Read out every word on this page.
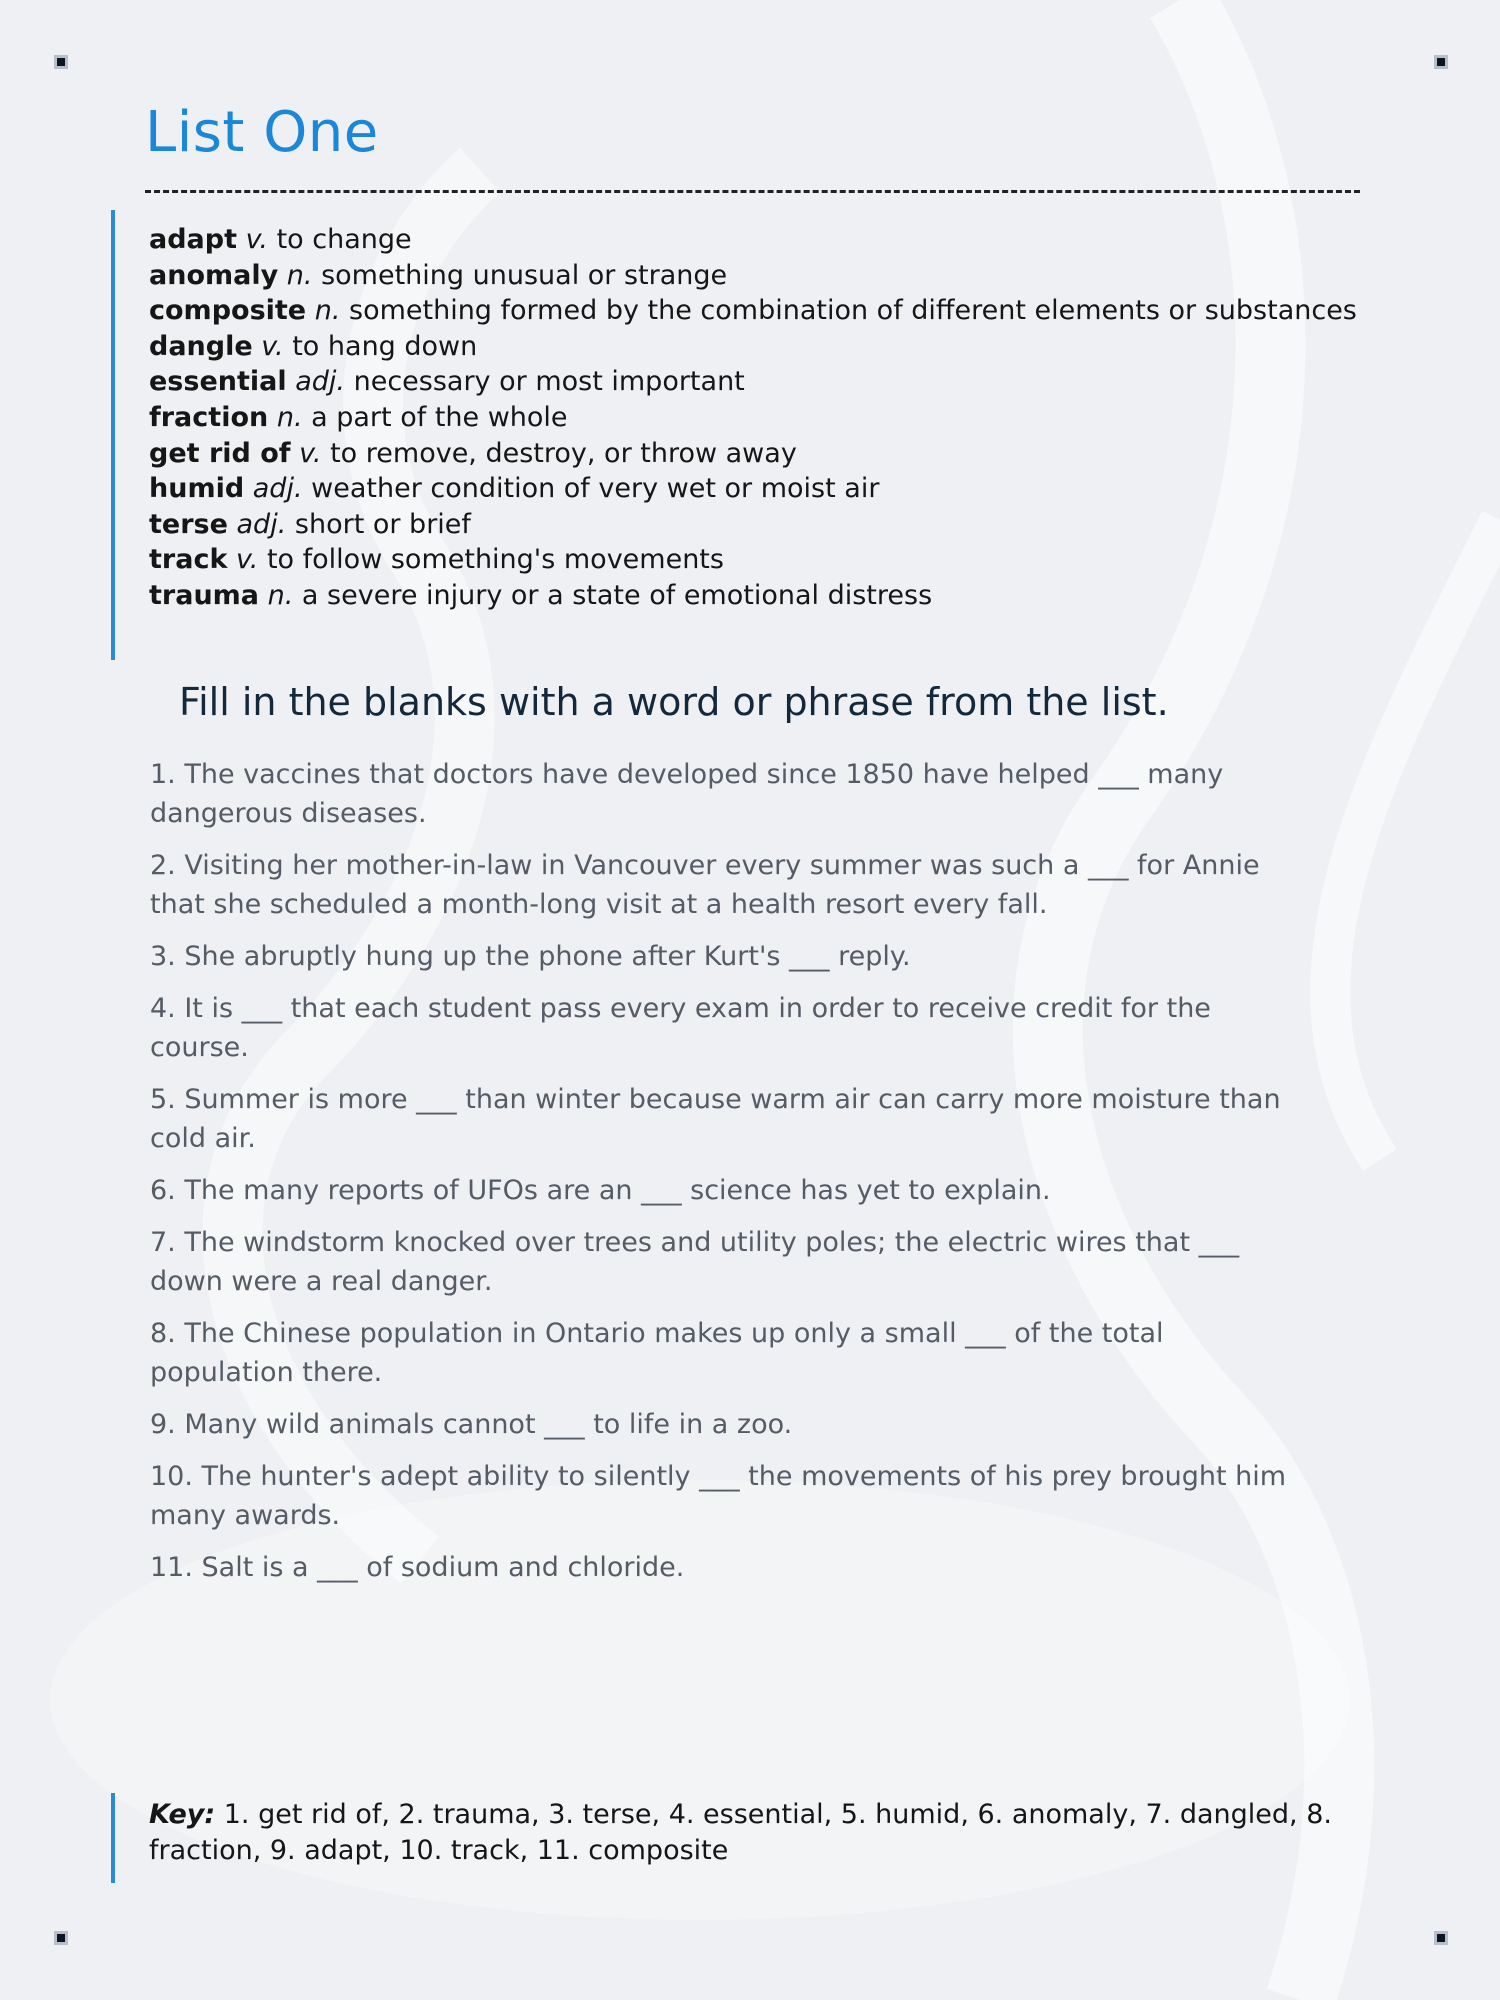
List One
adapt v. to change
anomaly n. something unusual or strange
composite n. something formed by the combination of different elements or substances
dangle v. to hang down
essential adj. necessary or most important
fraction n. a part of the whole
get rid of v. to remove, destroy, or throw away
humid adj. weather condition of very wet or moist air
terse adj. short or brief
track v. to follow something's movements
trauma n. a severe injury or a state of emotional distress
Fill in the blanks with a word or phrase from the list.
1. The vaccines that doctors have developed since 1850 have helped ___ many dangerous diseases.
2. Visiting her mother-in-law in Vancouver every summer was such a ___ for Annie that she scheduled a month-long visit at a health resort every fall.
3. She abruptly hung up the phone after Kurt's ___ reply.
4. It is ___ that each student pass every exam in order to receive credit for the course.
5. Summer is more ___ than winter because warm air can carry more moisture than cold air.
6. The many reports of UFOs are an ___ science has yet to explain.
7. The windstorm knocked over trees and utility poles; the electric wires that ___ down were a real danger.
8. The Chinese population in Ontario makes up only a small ___ of the total population there.
9. Many wild animals cannot ___ to life in a zoo.
10. The hunter's adept ability to silently ___ the movements of his prey brought him many awards.
11. Salt is a ___ of sodium and chloride.
Key: 1. get rid of, 2. trauma, 3. terse, 4. essential, 5. humid, 6. anomaly, 7. dangled, 8. fraction, 9. adapt, 10. track, 11. composite
